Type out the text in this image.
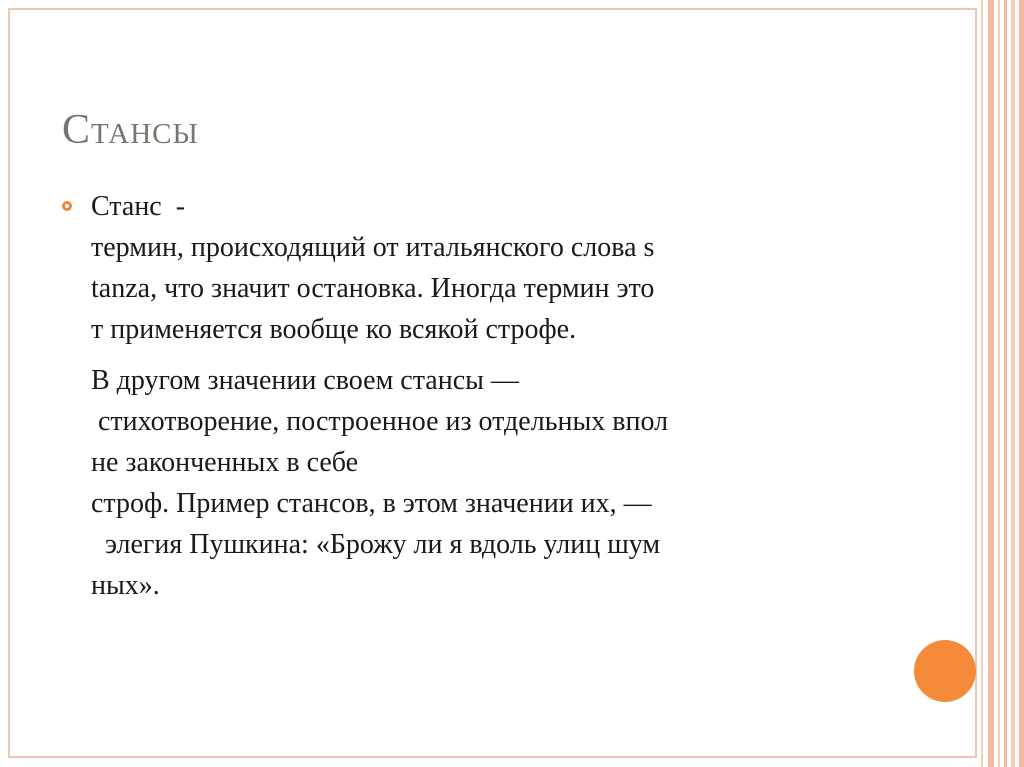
Стансы
Станс  -
термин, происходящий от итальянского слова s
tanza, что значит остановка. Иногда термин это
т применяется вообще ко всякой строфе.
В другом значении своем стансы —
стихотворение, построенное из отдельных впол
не законченных в себе
строф. Пример стансов, в этом значении их, —
элегия Пушкина: «Брожу ли я вдоль улиц шум
ных».
